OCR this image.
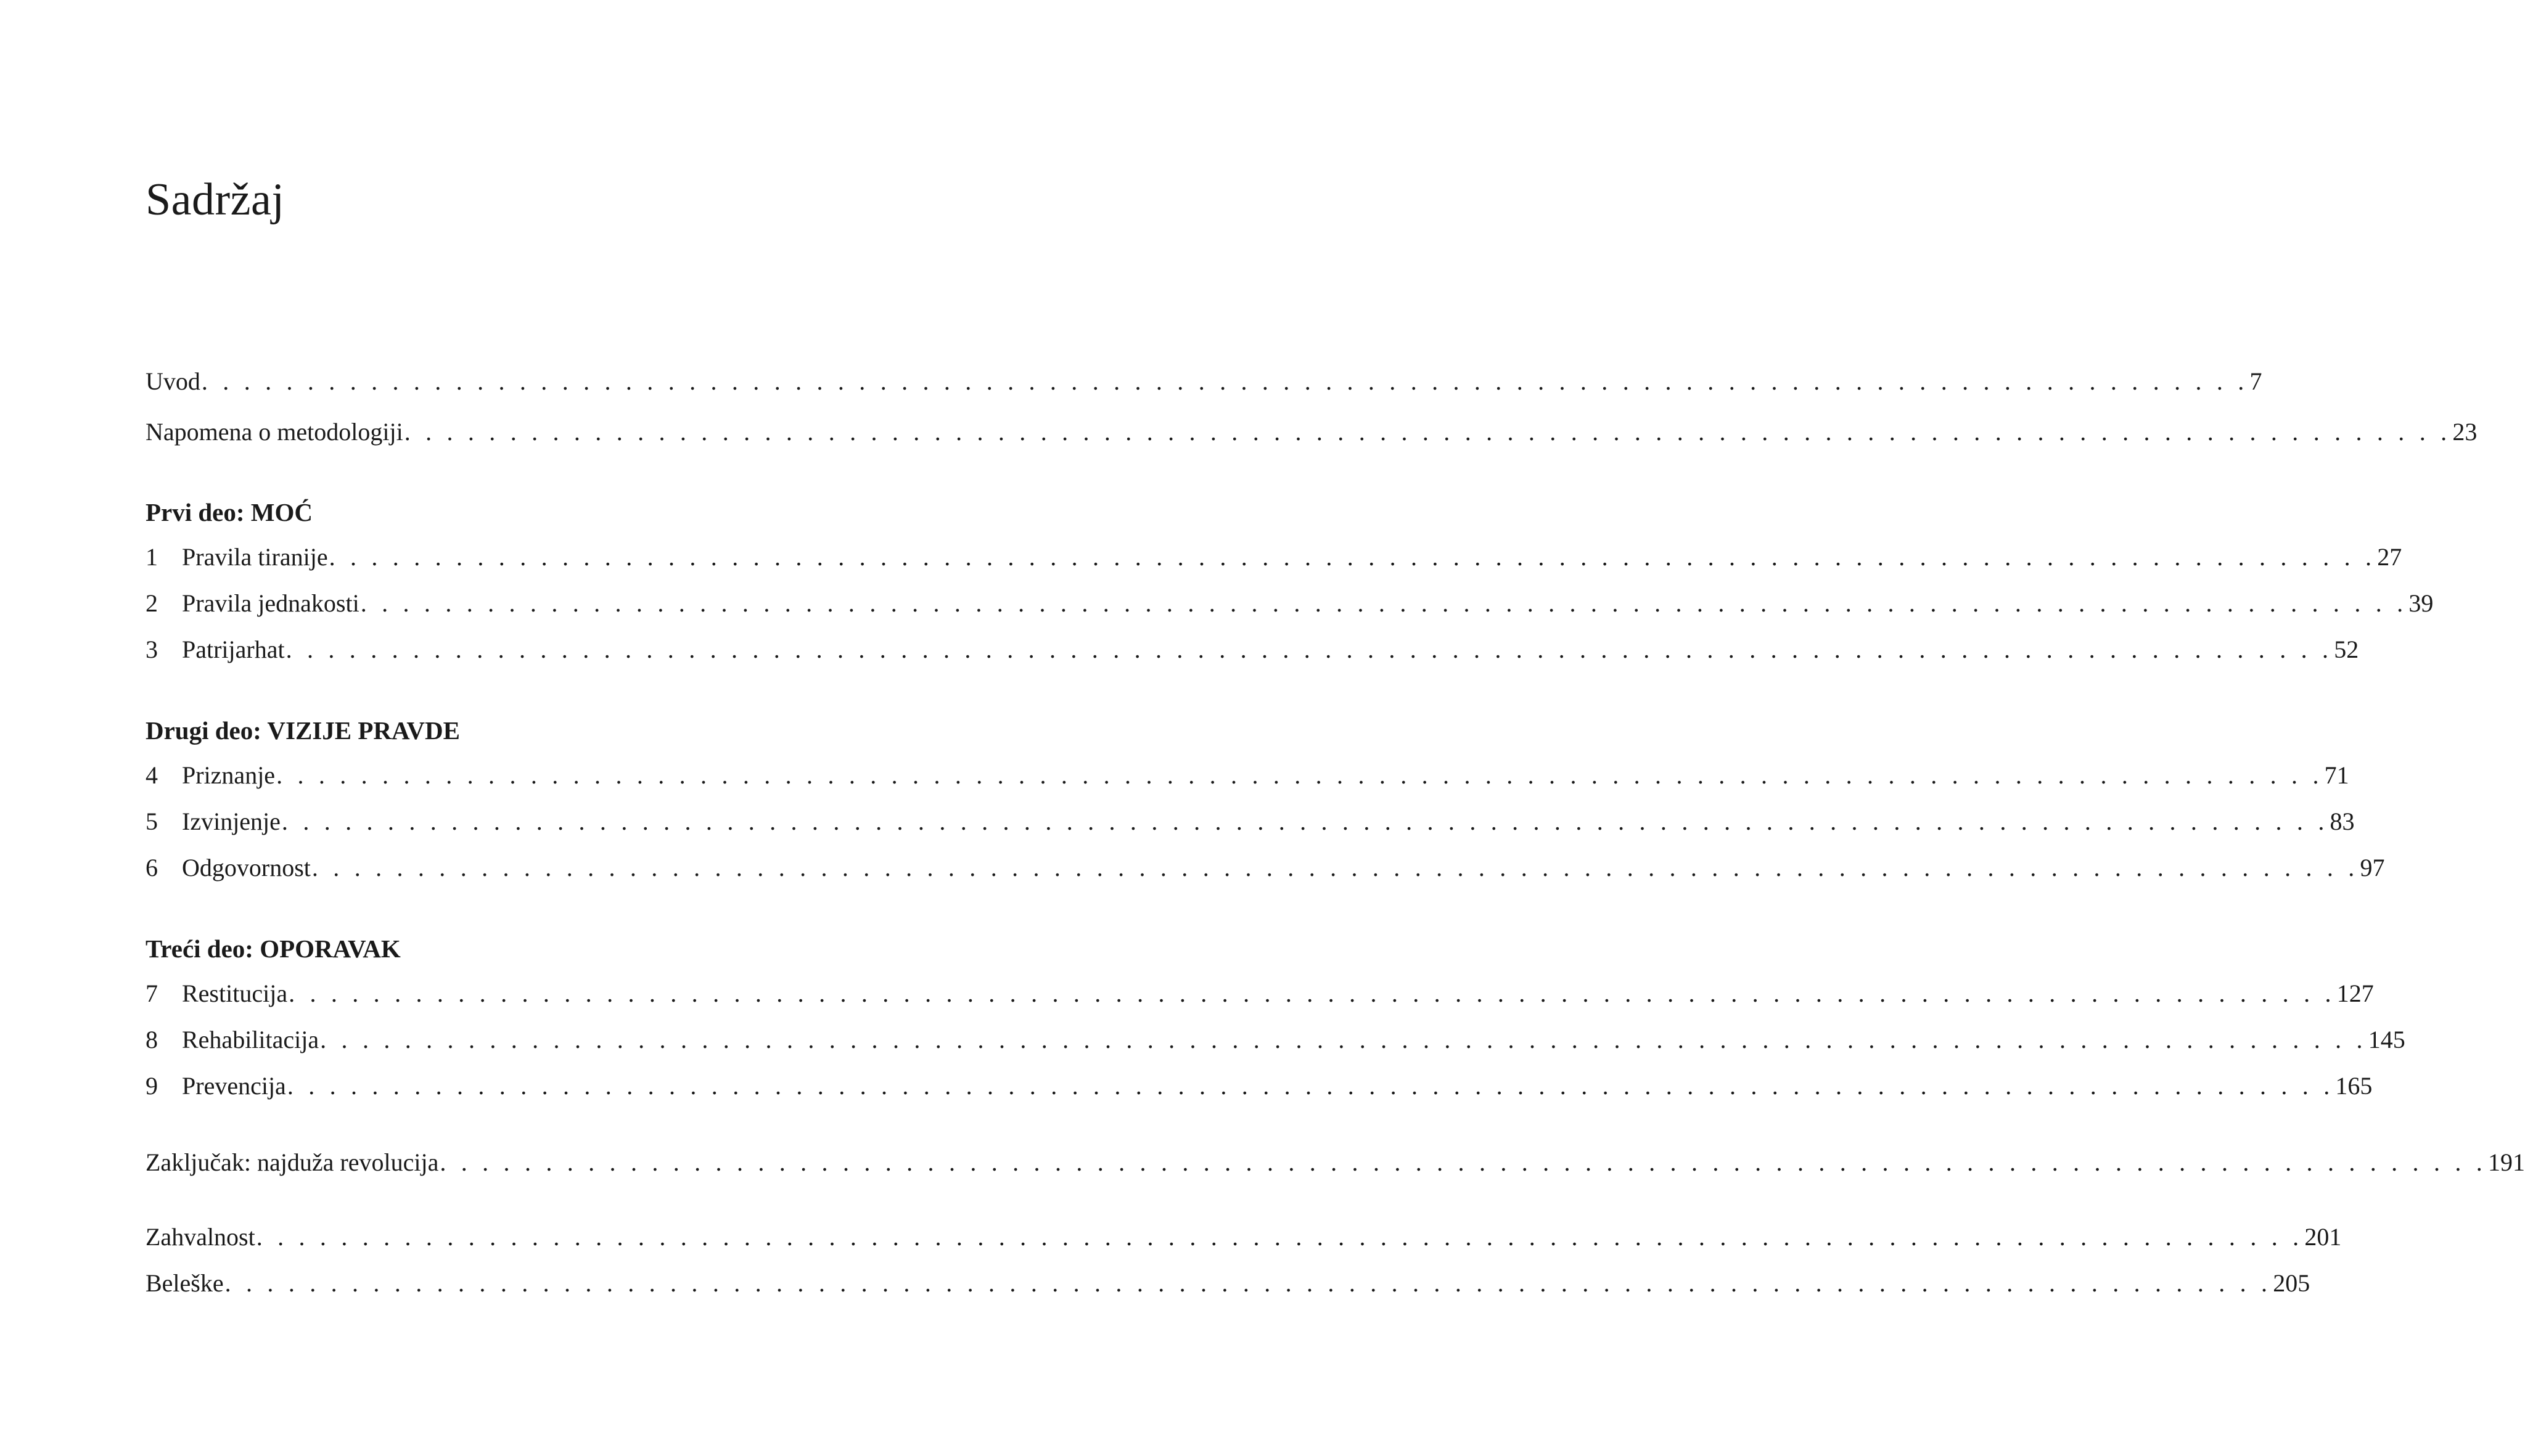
Sadržaj
Uvod . . . . . . . . . . . . . . . . . . . . . . . . . . . . . . . . . . . . . . . . . . . . . . . . . . . . . . . . . . . . . . . . . . . . . . . . . . . . . . . . . . . . . . . . . . . . . . . . . 7
Napomena o metodologiji . . . . . . . . . . . . . . . . . . . . . . . . . . . . . . . . . . . . . . . . . . . . . . . . . . . . . . . . . . . . . . . . . . . . . . . . . . . . . . . . . . . . . . . . . . . . . . . . . 23
Prvi deo: MOĆ
1 Pravila tiranije . . . . . . . . . . . . . . . . . . . . . . . . . . . . . . . . . . . . . . . . . . . . . . . . . . . . . . . . . . . . . . . . . . . . . . . . . . . . . . . . . . . . . . . . . . . . . . . . . 27
2 Pravila jednakosti . . . . . . . . . . . . . . . . . . . . . . . . . . . . . . . . . . . . . . . . . . . . . . . . . . . . . . . . . . . . . . . . . . . . . . . . . . . . . . . . . . . . . . . . . . . . . . . . . 39
3 Patrijarhat . . . . . . . . . . . . . . . . . . . . . . . . . . . . . . . . . . . . . . . . . . . . . . . . . . . . . . . . . . . . . . . . . . . . . . . . . . . . . . . . . . . . . . . . . . . . . . . . . 52
Drugi deo: VIZIJE PRAVDE
4 Priznanje . . . . . . . . . . . . . . . . . . . . . . . . . . . . . . . . . . . . . . . . . . . . . . . . . . . . . . . . . . . . . . . . . . . . . . . . . . . . . . . . . . . . . . . . . . . . . . . . . 71
5 Izvinjenje . . . . . . . . . . . . . . . . . . . . . . . . . . . . . . . . . . . . . . . . . . . . . . . . . . . . . . . . . . . . . . . . . . . . . . . . . . . . . . . . . . . . . . . . . . . . . . . . . 83
6 Odgovornost . . . . . . . . . . . . . . . . . . . . . . . . . . . . . . . . . . . . . . . . . . . . . . . . . . . . . . . . . . . . . . . . . . . . . . . . . . . . . . . . . . . . . . . . . . . . . . . . . 97
Treći deo: OPORAVAK
7 Restitucija . . . . . . . . . . . . . . . . . . . . . . . . . . . . . . . . . . . . . . . . . . . . . . . . . . . . . . . . . . . . . . . . . . . . . . . . . . . . . . . . . . . . . . . . . . . . . . . . . 127
8 Rehabilitacija . . . . . . . . . . . . . . . . . . . . . . . . . . . . . . . . . . . . . . . . . . . . . . . . . . . . . . . . . . . . . . . . . . . . . . . . . . . . . . . . . . . . . . . . . . . . . . . . . 145
9 Prevencija . . . . . . . . . . . . . . . . . . . . . . . . . . . . . . . . . . . . . . . . . . . . . . . . . . . . . . . . . . . . . . . . . . . . . . . . . . . . . . . . . . . . . . . . . . . . . . . . . 165
Zaključak: najduža revolucija . . . . . . . . . . . . . . . . . . . . . . . . . . . . . . . . . . . . . . . . . . . . . . . . . . . . . . . . . . . . . . . . . . . . . . . . . . . . . . . . . . . . . . . . . . . . . . . . . 191
Zahvalnost . . . . . . . . . . . . . . . . . . . . . . . . . . . . . . . . . . . . . . . . . . . . . . . . . . . . . . . . . . . . . . . . . . . . . . . . . . . . . . . . . . . . . . . . . . . . . . . . . 201
Beleške . . . . . . . . . . . . . . . . . . . . . . . . . . . . . . . . . . . . . . . . . . . . . . . . . . . . . . . . . . . . . . . . . . . . . . . . . . . . . . . . . . . . . . . . . . . . . . . . . 205
